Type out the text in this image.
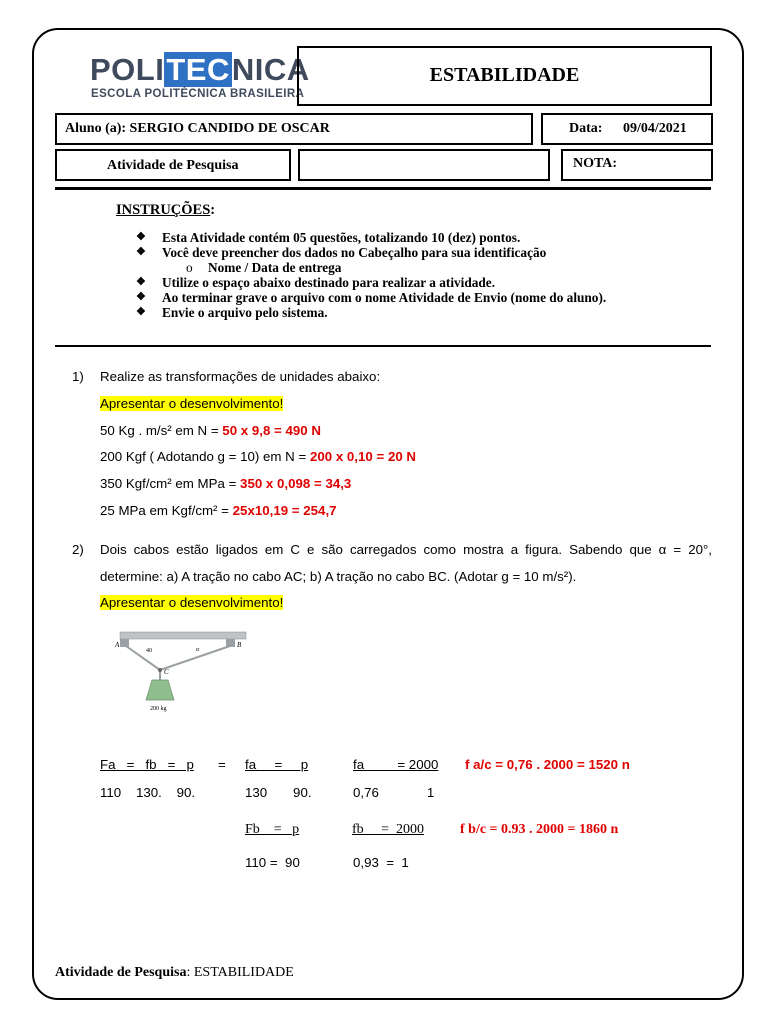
POLITECNICA
ESCOLA POLITÉCNICA BRASILEIRA
ESTABILIDADE
Aluno (a): SERGIO CANDIDO DE OSCAR	Data: 09/04/2021
Atividade de Pesquisa	NOTA:
INSTRUÇÕES:
❖ Esta Atividade contém 05 questões, totalizando 10 (dez) pontos.
❖ Você deve preencher dos dados no Cabeçalho para sua identificação
o Nome / Data de entrega
❖ Utilize o espaço abaixo destinado para realizar a atividade.
❖ Ao terminar grave o arquivo com o nome Atividade de Envio (nome do aluno).
❖ Envie o arquivo pelo sistema.
1) Realize as transformações de unidades abaixo:
Apresentar o desenvolvimento!
50 Kg . m/s² em N = 50 x 9,8 = 490 N
200 Kgf ( Adotando g = 10) em N = 200 x 0,10 = 20 N
350 Kgf/cm² em MPa = 350 x 0,098 = 34,3
25 MPa em Kgf/cm² = 25x10,19 = 254,7
2) Dois cabos estão ligados em C e são carregados como mostra a figura. Sabendo que α = 20°,
determine: a) A tração no cabo AC; b) A tração no cabo BC. (Adotar g = 10 m/s²).
Apresentar o desenvolvimento!
A	B
C
40	α
200 kg
Fa   =   fb   =   p = fa     =     p	fa         = 2000 f a/c = 0,76 . 2000 = 1520 n
110    130.    90.	130       90.	0,76             1
Fb    =   p	fb     =  2000	f b/c = 0.93 . 2000 = 1860 n
110 =  90	0,93  =  1
Atividade de Pesquisa: ESTABILIDADE
